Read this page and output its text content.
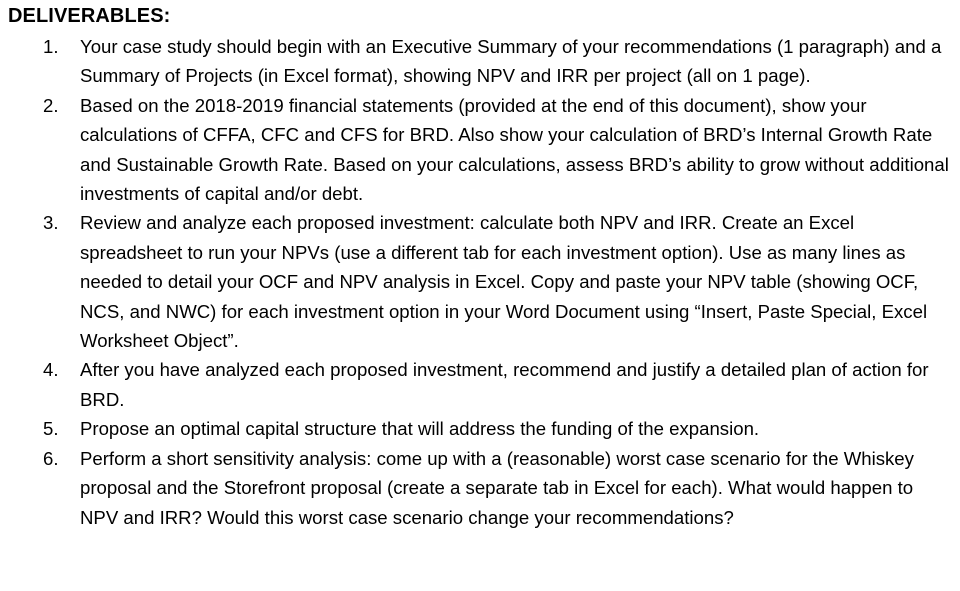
DELIVERABLES:
1.	Your case study should begin with an Executive Summary of your recommendations (1 paragraph) and a Summary of Projects (in Excel format), showing NPV and IRR per project (all on 1 page).
2.	Based on the 2018-2019 financial statements (provided at the end of this document), show your calculations of CFFA, CFC and CFS for BRD. Also show your calculation of BRD’s Internal Growth Rate and Sustainable Growth Rate. Based on your calculations, assess BRD’s ability to grow without additional investments of capital and/or debt.
3.	Review and analyze each proposed investment: calculate both NPV and IRR. Create an Excel spreadsheet to run your NPVs (use a different tab for each investment option). Use as many lines as needed to detail your OCF and NPV analysis in Excel. Copy and paste your NPV table (showing OCF, NCS, and NWC) for each investment option in your Word Document using “Insert, Paste Special, Excel Worksheet Object”.
4.	After you have analyzed each proposed investment, recommend and justify a detailed plan of action for BRD.
5.	Propose an optimal capital structure that will address the funding of the expansion.
6.	Perform a short sensitivity analysis: come up with a (reasonable) worst case scenario for the Whiskey proposal and the Storefront proposal (create a separate tab in Excel for each). What would happen to NPV and IRR? Would this worst case scenario change your recommendations?
